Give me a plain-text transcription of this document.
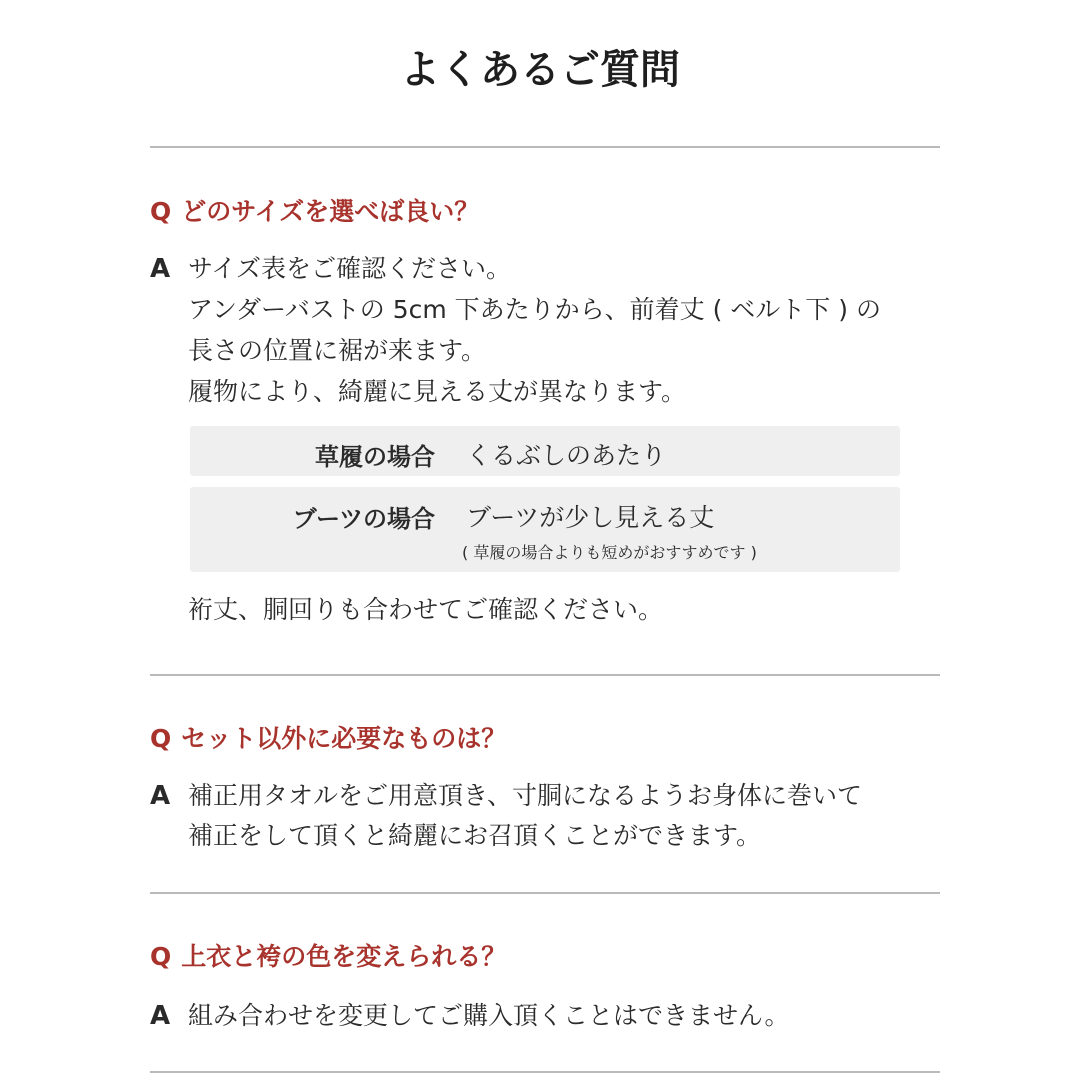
よくあるご質問
Q どのサイズを選べば良い？
A サイズ表をご確認ください。
アンダーバストの 5cm 下あたりから、前着丈 ( ベルト下 ) の
長さの位置に裾が来ます。
履物により、綺麗に見える丈が異なります。
草履の場合 くるぶしのあたり
ブーツの場合 ブーツが少し見える丈
( 草履の場合よりも短めがおすすめです )
裄丈、胴回りも合わせてご確認ください。
Q セット以外に必要なものは？
A 補正用タオルをご用意頂き、寸胴になるようお身体に巻いて
補正をして頂くと綺麗にお召頂くことができます。
Q 上衣と袴の色を変えられる？
A 組み合わせを変更してご購入頂くことはできません。
